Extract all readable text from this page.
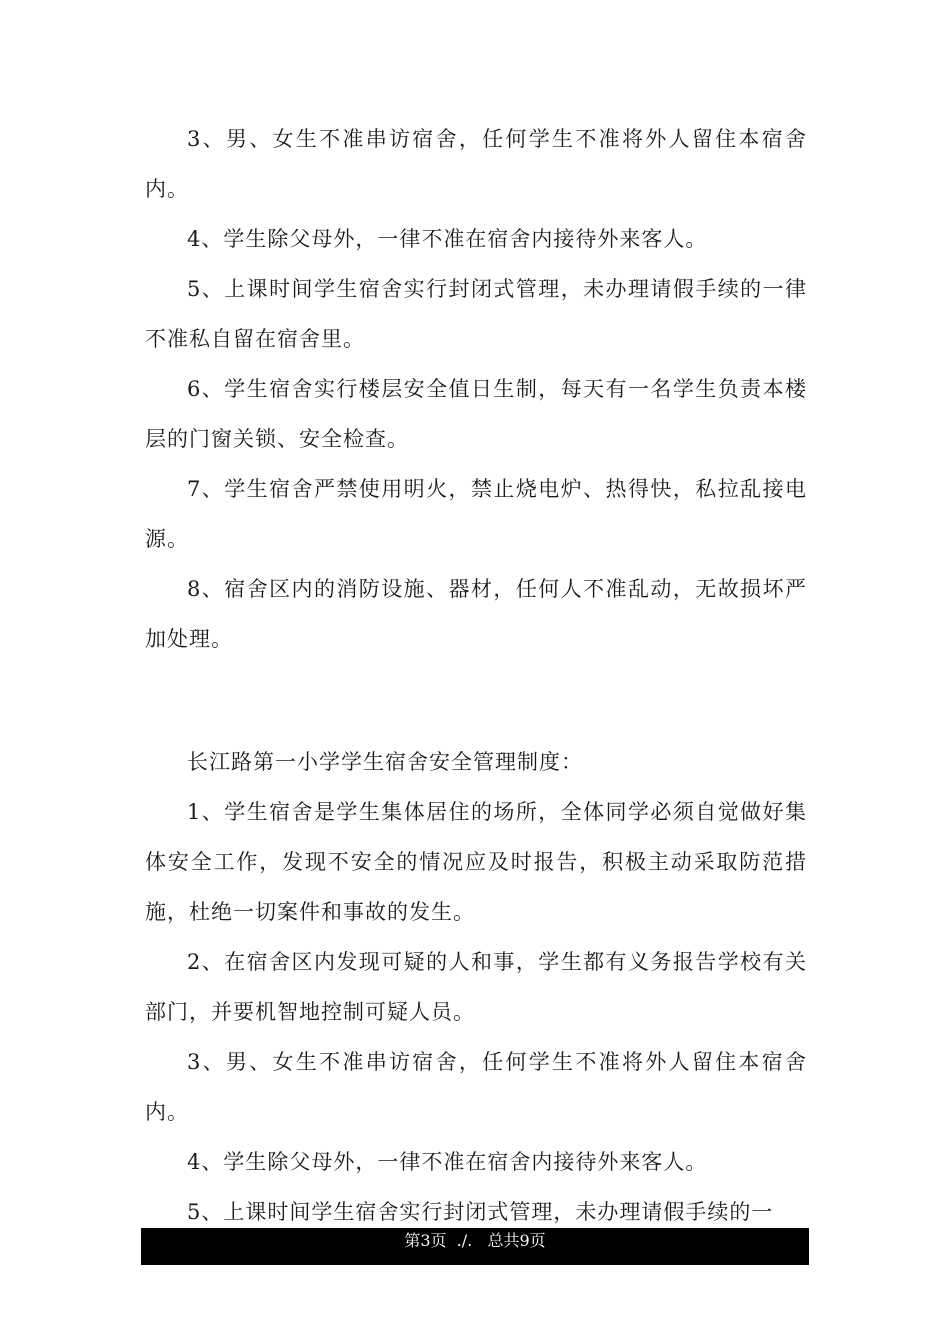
3、男、女生不准串访宿舍，任何学生不准将外人留住本宿舍内。

4、学生除父母外，一律不准在宿舍内接待外来客人。

5、上课时间学生宿舍实行封闭式管理，未办理请假手续的一律不准私自留在宿舍里。

6、学生宿舍实行楼层安全值日生制，每天有一名学生负责本楼层的门窗关锁、安全检查。

7、学生宿舍严禁使用明火，禁止烧电炉、热得快，私拉乱接电源。

8、宿舍区内的消防设施、器材，任何人不准乱动，无故损坏严加处理。

长江路第一小学学生宿舍安全管理制度：

1、学生宿舍是学生集体居住的场所，全体同学必须自觉做好集体安全工作，发现不安全的情况应及时报告，积极主动采取防范措施，杜绝一切案件和事故的发生。

2、在宿舍区内发现可疑的人和事，学生都有义务报告学校有关部门，并要机智地控制可疑人员。

3、男、女生不准串访宿舍，任何学生不准将外人留住本宿舍内。

4、学生除父母外，一律不准在宿舍内接待外来客人。

5、上课时间学生宿舍实行封闭式管理，未办理请假手续的一

第3页  ./.   总共9页
